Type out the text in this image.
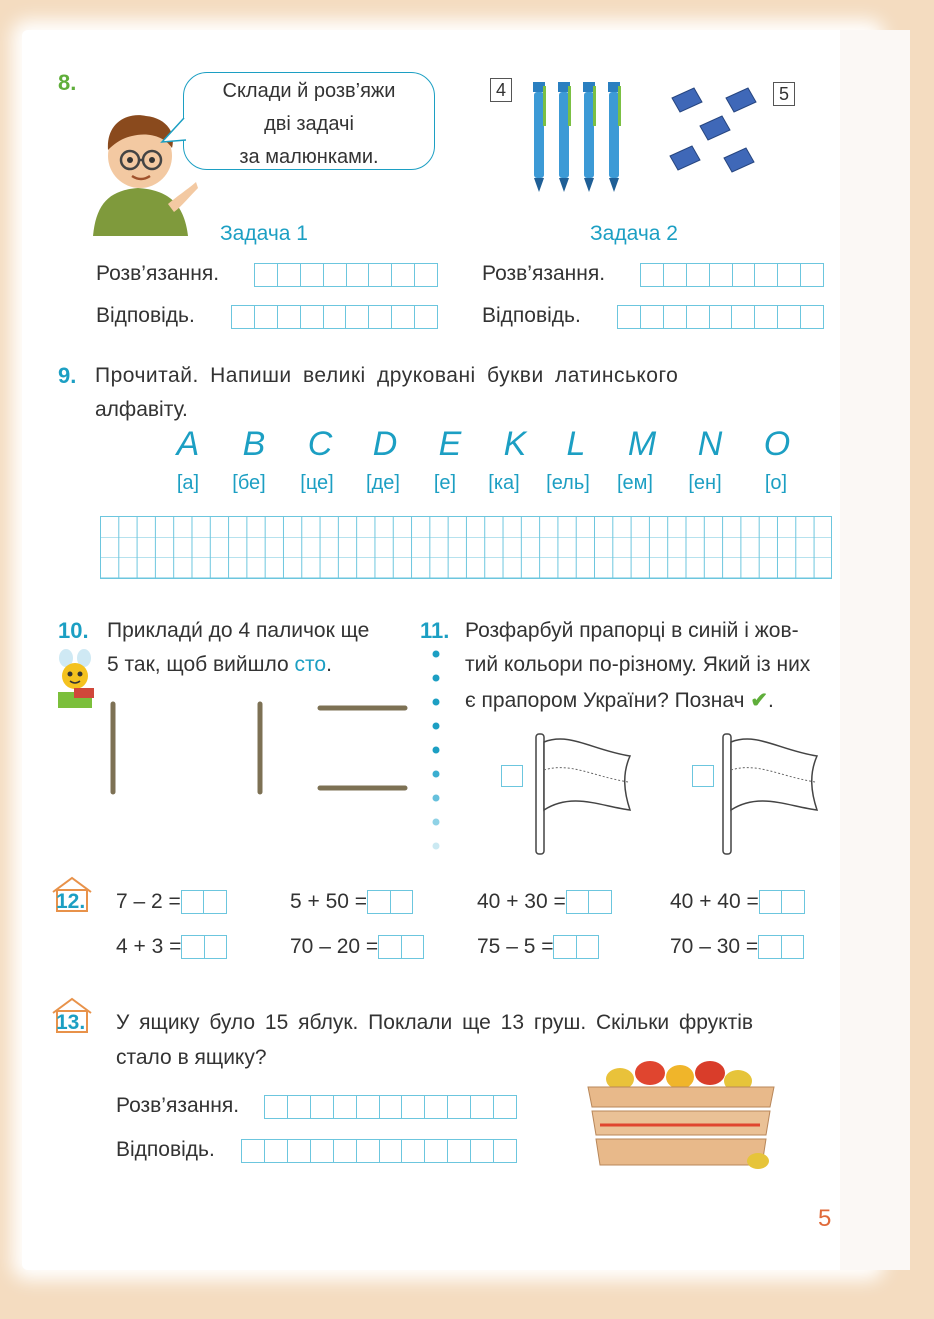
8.	Склади й розв’яжи
дві задачі
за малюнками.
4	5
Задача 1	Задача 2
Розв’язання.
Відповідь.
Розв’язання.
Відповідь.
9. Прочитай. Напиши великі друковані букви латинського
алфавіту.
A	B	C	D	E	K	L	M	N	O
[а]	[бе]	[це]	[де]	[е]	[ка]	[ель]	[ем]	[ен]	[о]
10. Приклади́ до 4 паличок ще
5 так, щоб вийшло сто.
11. Розфарбуй прапорці в синій і жов-
тий кольори по-різному. Який із них
є прапором України? Познач ✔.
12. 7 – 2 =	5 + 50 =	40 + 30 =	40 + 40 =
4 + 3 =	70 – 20 =	75 – 5 =	70 – 30 =
13. У ящику було 15 яблук. Поклали ще 13 груш. Скільки фруктів
стало в ящику?
Розв’язання.
Відповідь.
5
